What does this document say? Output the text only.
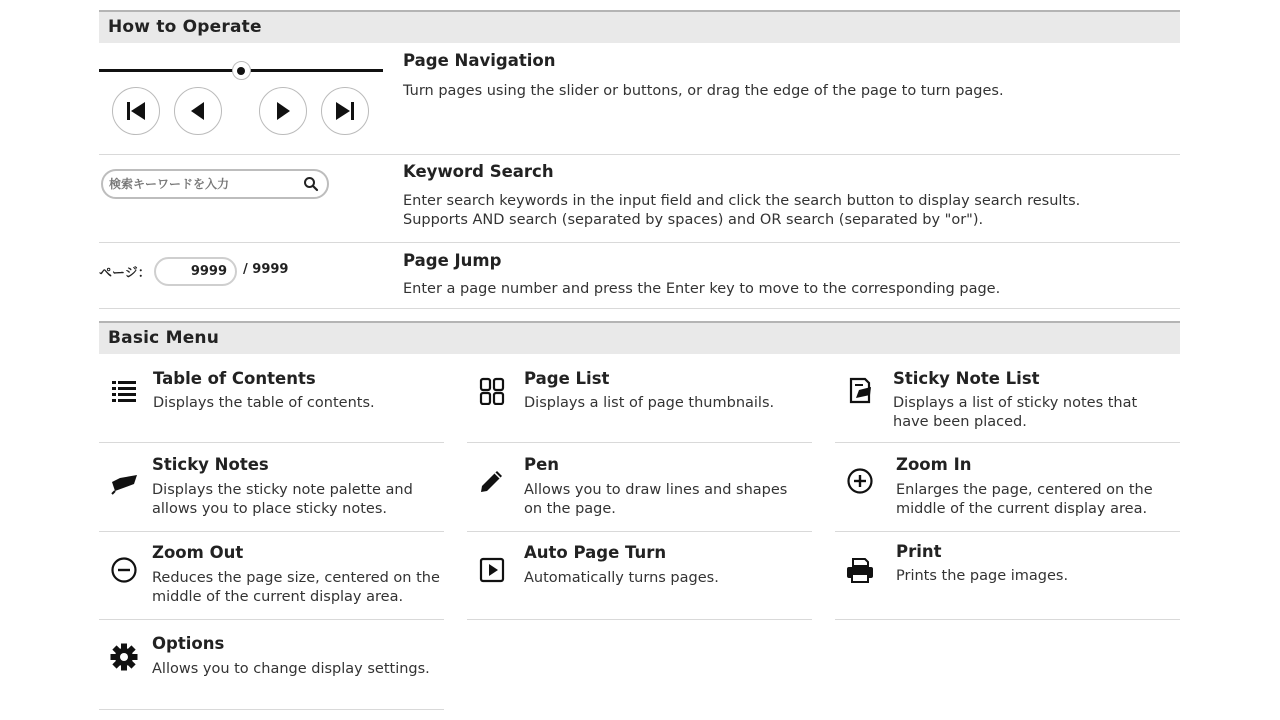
How to Operate
Page Navigation
Turn pages using the slider or buttons, or drag the edge of the page to turn pages.
検索キーワードを入力
Keyword Search
Enter search keywords in the input field and click the search button to display search results.
Supports AND search (separated by spaces) and OR search (separated by "or").
ページ：
9999	/ 9999	Page Jump
Enter a page number and press the Enter key to move to the corresponding page.
Basic Menu
Table of Contents
Displays the table of contents.
Page List
Displays a list of page thumbnails.
Sticky Note List
Displays a list of sticky notes that have been placed.
Sticky Notes
Displays the sticky note palette and allows you to place sticky notes.
Pen
Allows you to draw lines and shapes on the page.
Zoom In
Enlarges the page, centered on the middle of the current display area.
Zoom Out
Reduces the page size, centered on the middle of the current display area.
Auto Page Turn
Automatically turns pages.
Print
Prints the page images.
Options
Allows you to change display settings.
